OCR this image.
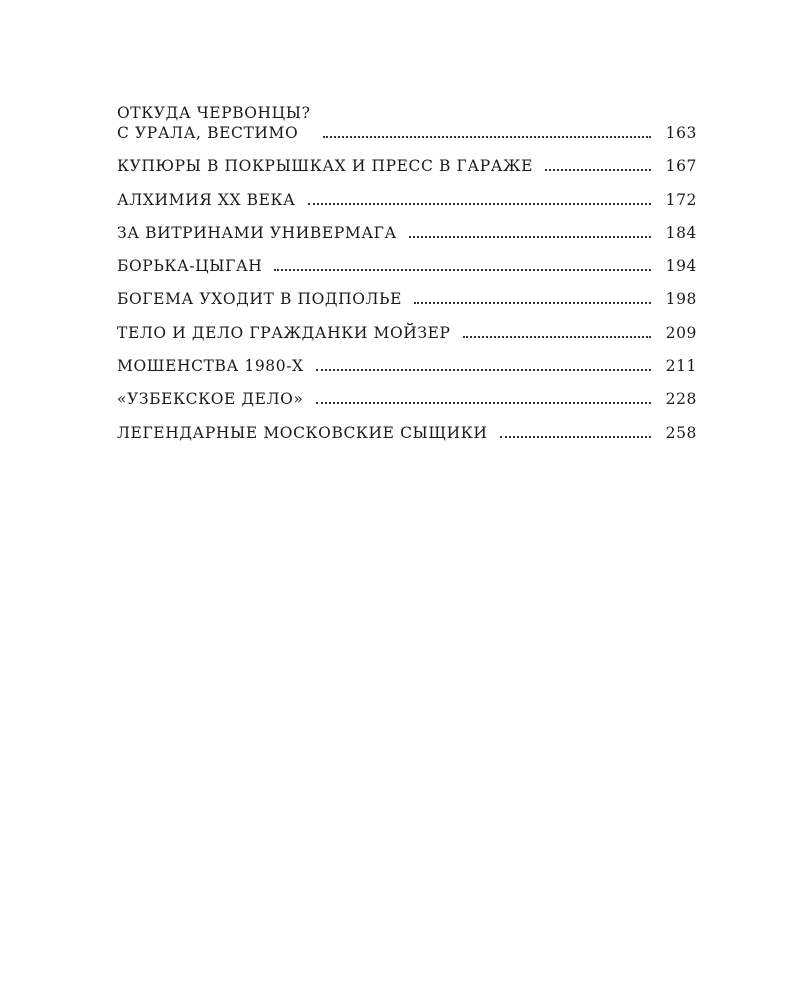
ОТКУДА ЧЕРВОНЦЫ?
С УРАЛА, ВЕСТИМО	163
КУПЮРЫ В ПОКРЫШКАХ И ПРЕСС В ГАРАЖЕ	167
АЛХИМИЯ XX ВЕКА	172
ЗА ВИТРИНАМИ УНИВЕРМАГА	184
БОРЬКА-ЦЫГАН	194
БОГЕМА УХОДИТ В ПОДПОЛЬЕ	198
ТЕЛО И ДЕЛО ГРАЖДАНКИ МОЙЗЕР	209
МОШЕНСТВА 1980-Х	211
«УЗБЕКСКОЕ ДЕЛО»	228
ЛЕГЕНДАРНЫЕ МОСКОВСКИЕ СЫЩИКИ	258
